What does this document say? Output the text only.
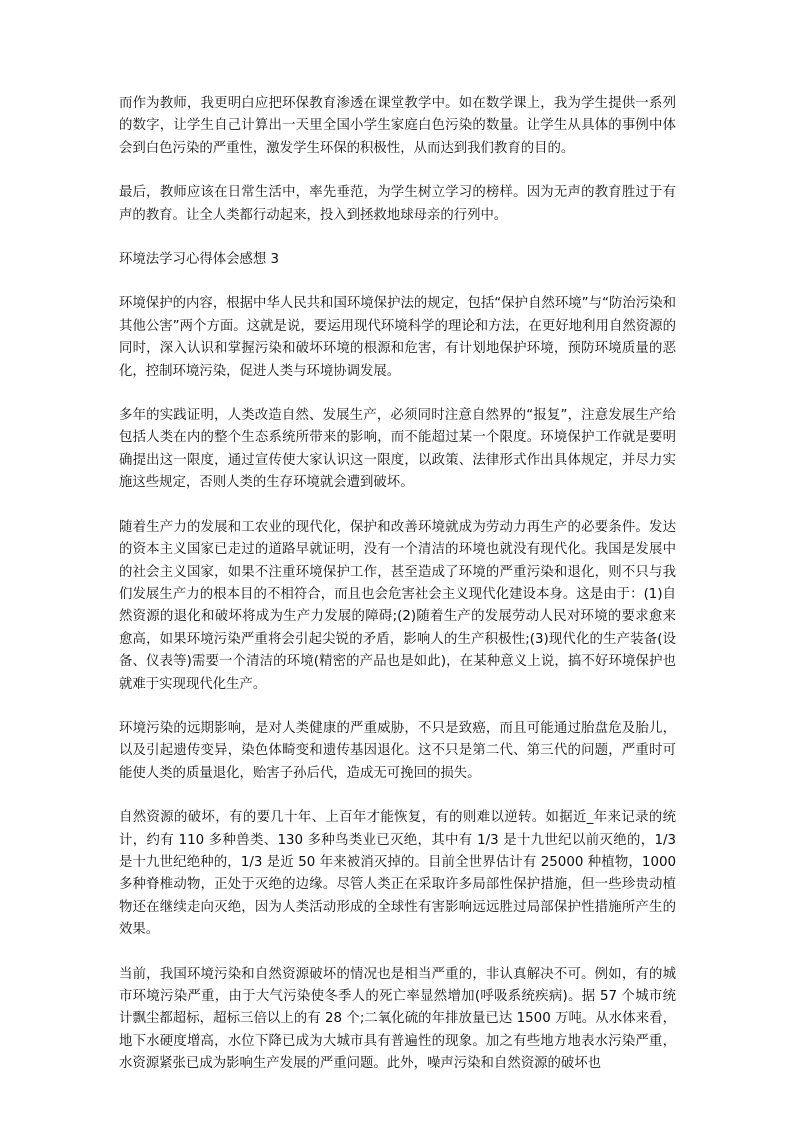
而作为教师，我更明白应把环保教育渗透在课堂教学中。如在数学课上，我为学生提供一系列的数字，让学生自己计算出一天里全国小学生家庭白色污染的数量。让学生从具体的事例中体会到白色污染的严重性，激发学生环保的积极性，从而达到我们教育的目的。

最后，教师应该在日常生活中，率先垂范，为学生树立学习的榜样。因为无声的教育胜过于有声的教育。让全人类都行动起来，投入到拯救地球母亲的行列中。

环境法学习心得体会感想 3

环境保护的内容，根据中华人民共和国环境保护法的规定，包括“保护自然环境”与“防治污染和其他公害”两个方面。这就是说，要运用现代环境科学的理论和方法，在更好地利用自然资源的同时，深入认识和掌握污染和破坏环境的根源和危害，有计划地保护环境，预防环境质量的恶化，控制环境污染，促进人类与环境协调发展。

多年的实践证明，人类改造自然、发展生产，必须同时注意自然界的“报复”，注意发展生产给包括人类在内的整个生态系统所带来的影响，而不能超过某一个限度。环境保护工作就是要明确提出这一限度，通过宣传使大家认识这一限度，以政策、法律形式作出具体规定，并尽力实施这些规定，否则人类的生存环境就会遭到破坏。

随着生产力的发展和工农业的现代化，保护和改善环境就成为劳动力再生产的必要条件。发达的资本主义国家已走过的道路早就证明，没有一个清洁的环境也就没有现代化。我国是发展中的社会主义国家，如果不注重环境保护工作，甚至造成了环境的严重污染和退化，则不只与我们发展生产力的根本目的不相符合，而且也会危害社会主义现代化建设本身。这是由于：(1)自然资源的退化和破坏将成为生产力发展的障碍;(2)随着生产的发展劳动人民对环境的要求愈来愈高，如果环境污染严重将会引起尖锐的矛盾，影响人的生产积极性;(3)现代化的生产装备(设备、仪表等)需要一个清洁的环境(精密的产品也是如此)，在某种意义上说，搞不好环境保护也就难于实现现代化生产。

环境污染的远期影响，是对人类健康的严重威胁，不只是致癌，而且可能通过胎盘危及胎儿，以及引起遗传变异，染色体畸变和遗传基因退化。这不只是第二代、第三代的问题，严重时可能使人类的质量退化，贻害子孙后代，造成无可挽回的损失。

自然资源的破坏，有的要几十年、上百年才能恢复，有的则难以逆转。如据近_年来记录的统计，约有 110 多种兽类、130 多种鸟类业已灭绝，其中有 1/3 是十九世纪以前灭绝的，1/3 是十九世纪绝种的，1/3 是近 50 年来被消灭掉的。目前全世界估计有 25000 种植物，1000 多种脊椎动物，正处于灭绝的边缘。尽管人类正在采取许多局部性保护措施，但一些珍贵动植物还在继续走向灭绝，因为人类活动形成的全球性有害影响远远胜过局部保护性措施所产生的效果。

当前，我国环境污染和自然资源破坏的情况也是相当严重的，非认真解决不可。例如，有的城市环境污染严重，由于大气污染使冬季人的死亡率显然增加(呼吸系统疾病)。据 57 个城市统计飘尘都超标，超标三倍以上的有 28 个;二氧化硫的年排放量已达 1500 万吨。从水体来看，地下水硬度增高，水位下降已成为大城市具有普遍性的现象。加之有些地方地表水污染严重，水资源紧张已成为影响生产发展的严重问题。此外，噪声污染和自然资源的破坏也
